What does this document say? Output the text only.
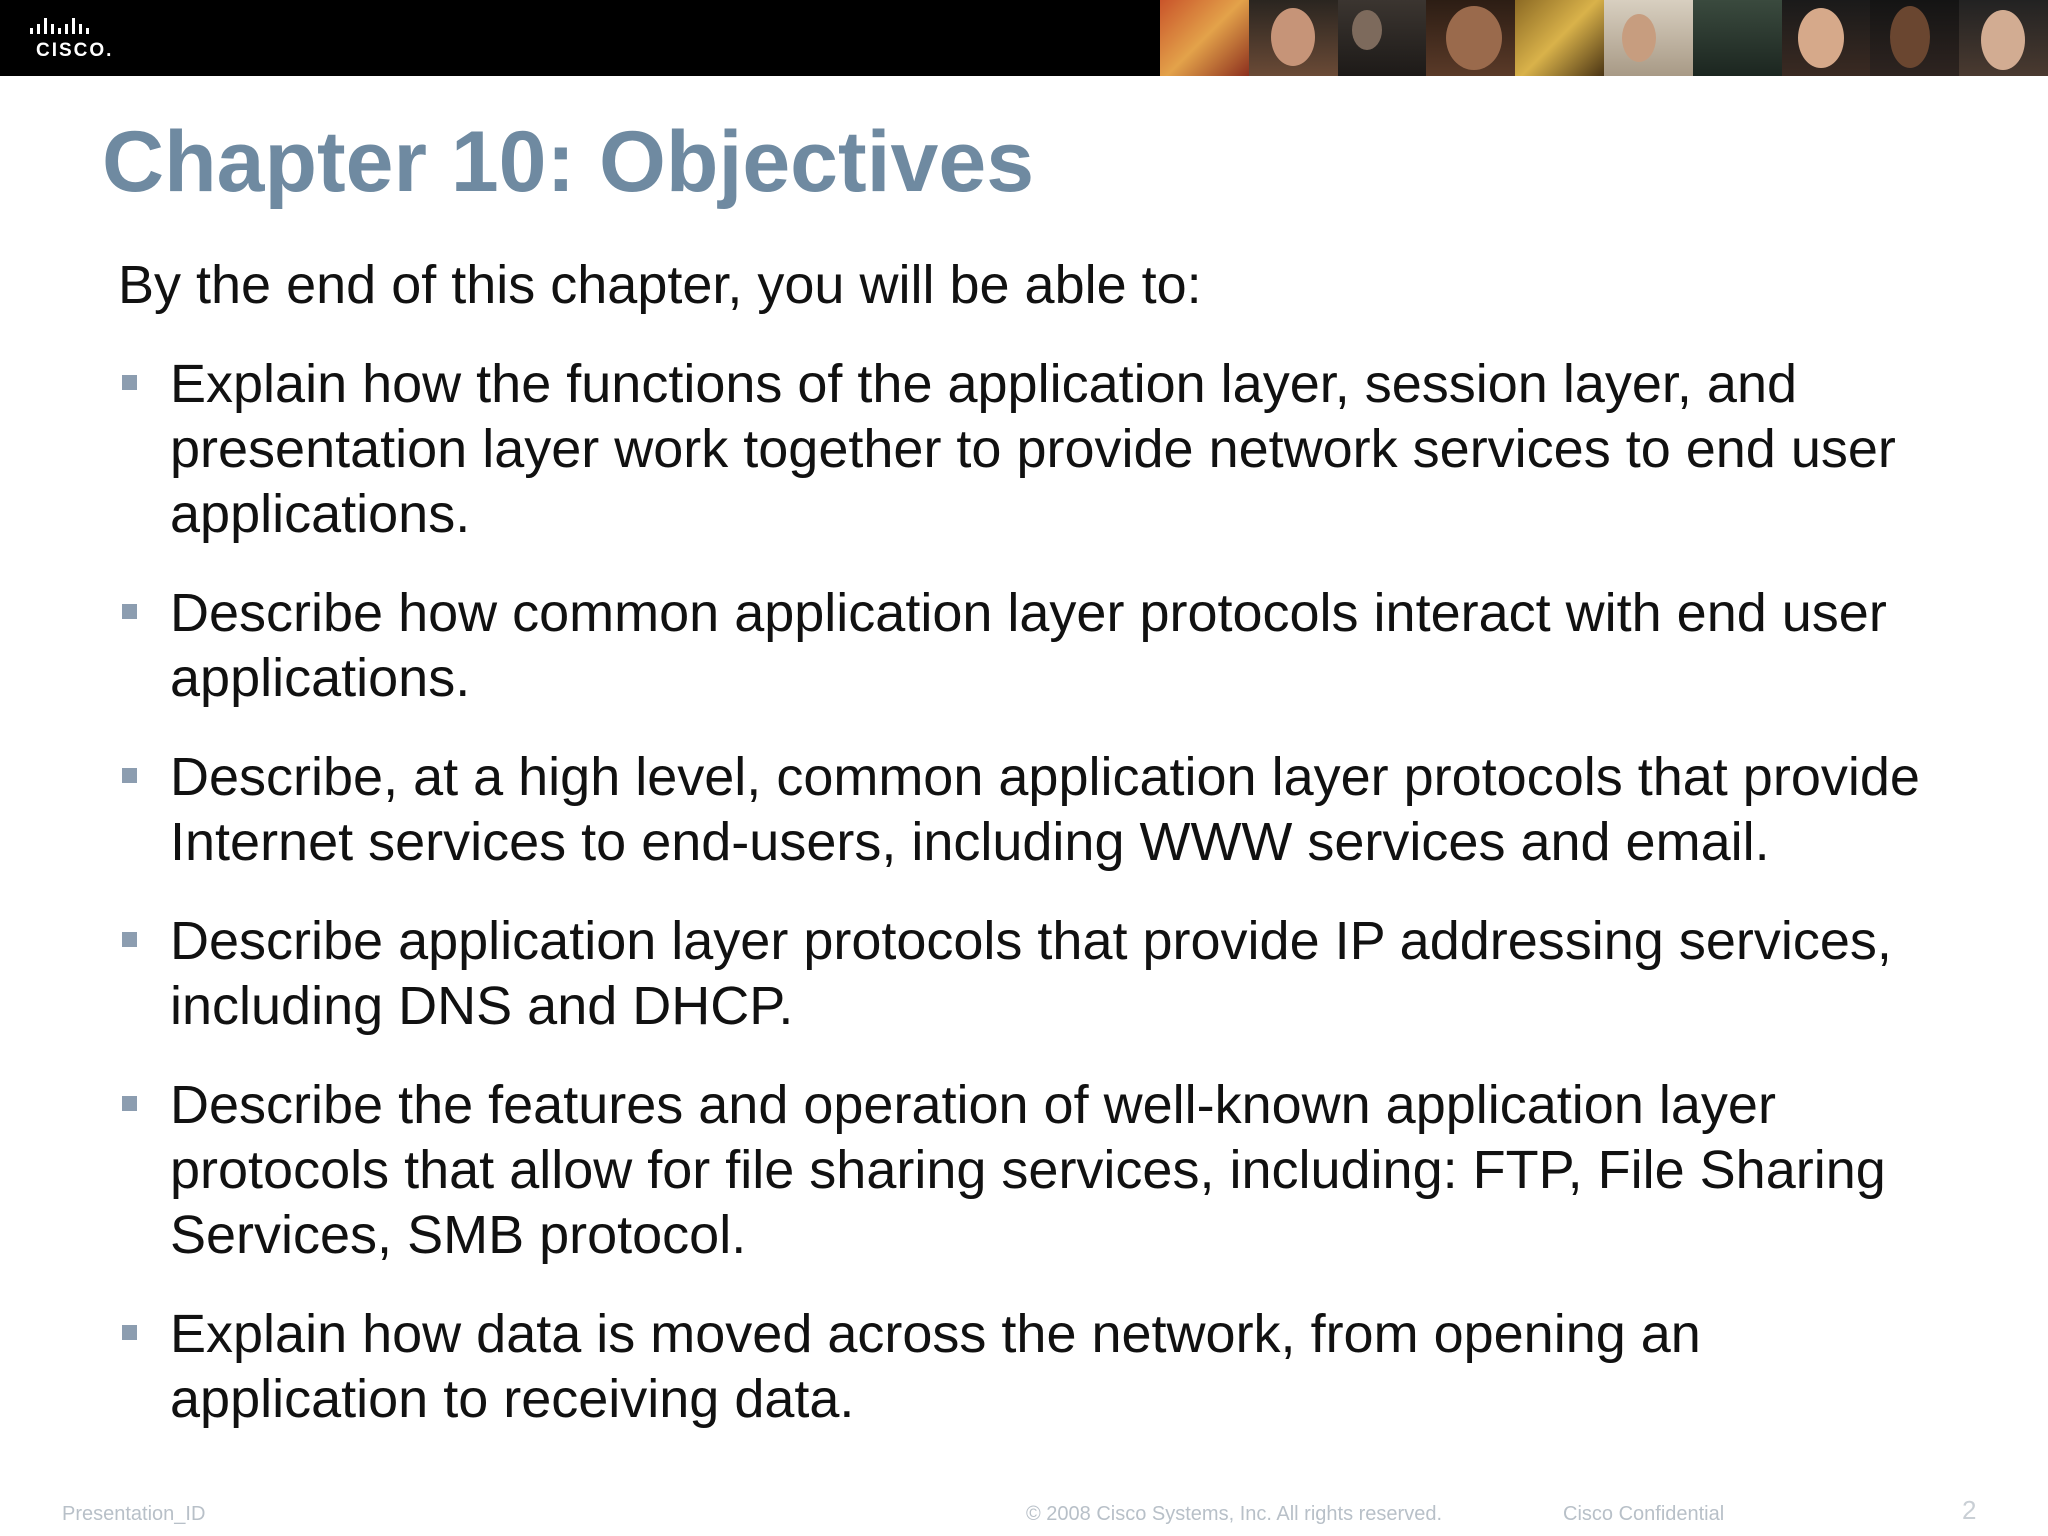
CISCO.
Chapter 10: Objectives

By the end of this chapter, you will be able to:

Explain how the functions of the application layer, session layer, and presentation layer work together to provide network services to end user applications.
Describe how common application layer protocols interact with end user applications.
Describe, at a high level, common application layer protocols that provide Internet services to end-users, including WWW services and email.
Describe application layer protocols that provide IP addressing services, including DNS and DHCP.
Describe the features and operation of well-known application layer protocols that allow for file sharing services, including: FTP, File Sharing Services, SMB protocol.
Explain how data is moved across the network, from opening an application to receiving data.
Presentation_ID	© 2008 Cisco Systems, Inc. All rights reserved.	Cisco Confidential	2
